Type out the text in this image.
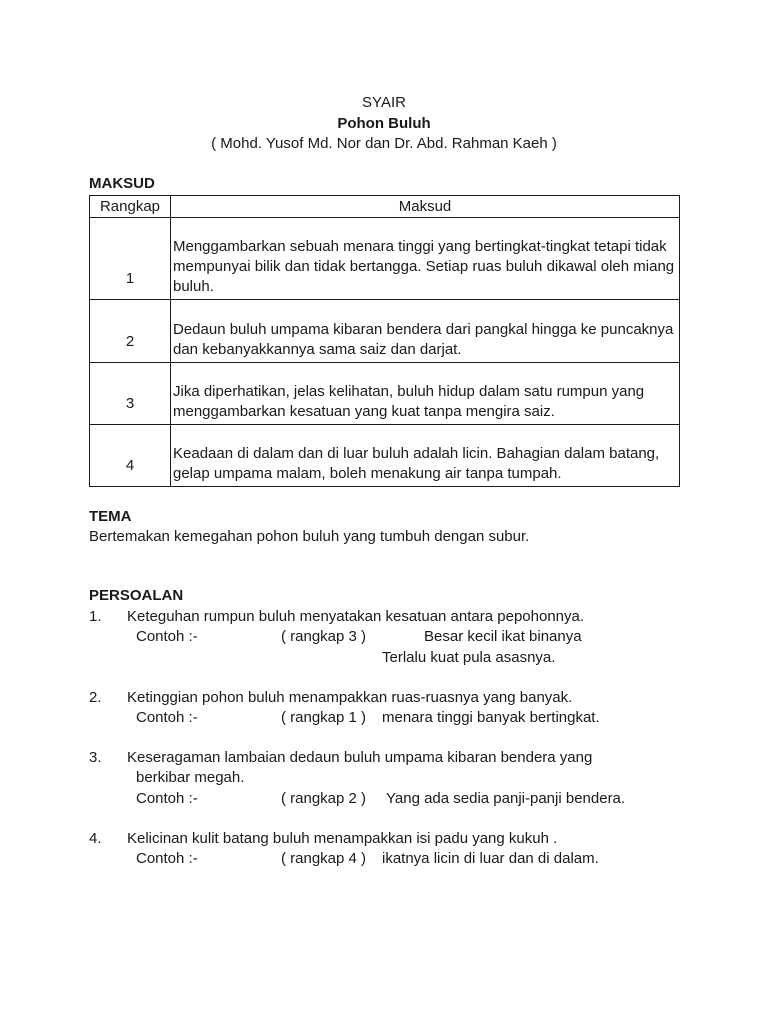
SYAIR
Pohon Buluh
( Mohd. Yusof Md. Nor dan Dr. Abd. Rahman Kaeh )
MAKSUD
Rangkap	Maksud
1	Menggambarkan sebuah menara tinggi yang bertingkat-tingkat tetapi tidak mempunyai bilik dan tidak bertangga. Setiap ruas buluh dikawal oleh miang buluh.
2	Dedaun buluh umpama kibaran bendera dari pangkal hingga ke puncaknya dan kebanyakkannya sama saiz dan darjat.
3	Jika diperhatikan, jelas kelihatan, buluh hidup dalam satu rumpun yang menggambarkan kesatuan yang kuat tanpa mengira saiz.
4	Keadaan di dalam dan di luar buluh adalah licin. Bahagian dalam batang, gelap umpama malam, boleh menakung air tanpa tumpah.
TEMA
Bertemakan kemegahan pohon buluh yang tumbuh dengan subur.
PERSOALAN
1. Keteguhan rumpun buluh menyatakan kesatuan antara pepohonnya.
Contoh :-	( rangkap 3 )	Besar kecil ikat binanya
Terlalu kuat pula asasnya.
2. Ketinggian pohon buluh menampakkan ruas-ruasnya yang banyak.
Contoh :-	( rangkap 1 ) menara tinggi banyak bertingkat.
3. Keseragaman lambaian dedaun buluh umpama kibaran bendera yang
berkibar megah.
Contoh :-	( rangkap 2 ) Yang ada sedia panji-panji bendera.
4. Kelicinan kulit batang buluh menampakkan isi padu yang kukuh .
Contoh :-	( rangkap 4 ) ikatnya licin di luar dan di dalam.
